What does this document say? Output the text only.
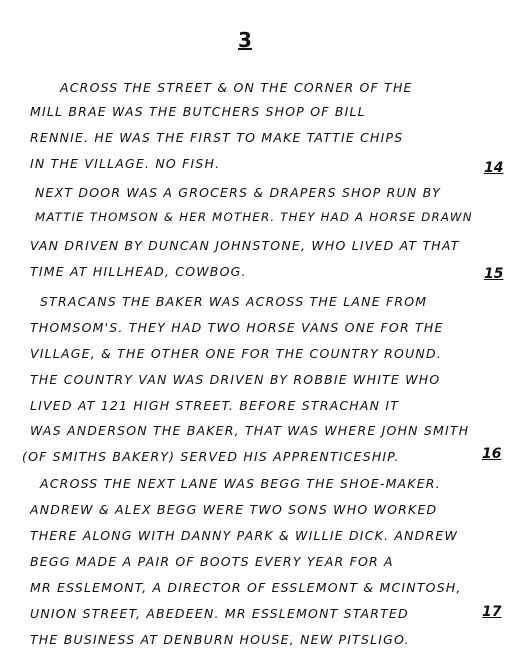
3
ACROSS THE STREET & ON THE CORNER OF THE
MILL BRAE WAS THE BUTCHERS SHOP OF BILL
RENNIE. HE WAS THE FIRST TO MAKE TATTIE CHIPS
IN THE VILLAGE. NO FISH.
NEXT DOOR WAS A GROCERS & DRAPERS SHOP RUN BY
MATTIE THOMSON & HER MOTHER. THEY HAD A HORSE DRAWN
VAN DRIVEN BY DUNCAN JOHNSTONE, WHO LIVED AT THAT
TIME AT HILLHEAD, COWBOG.
STRACANS THE BAKER WAS ACROSS THE LANE FROM
THOMSOM'S. THEY HAD TWO HORSE VANS ONE FOR THE
VILLAGE, & THE OTHER ONE FOR THE COUNTRY ROUND.
THE COUNTRY VAN WAS DRIVEN BY ROBBIE WHITE WHO
LIVED AT 121 HIGH STREET. BEFORE STRACHAN IT
WAS ANDERSON THE BAKER, THAT WAS WHERE JOHN SMITH
(OF SMITHS BAKERY) SERVED HIS APPRENTICESHIP.
ACROSS THE NEXT LANE WAS BEGG THE SHOE-MAKER.
ANDREW & ALEX BEGG WERE TWO SONS WHO WORKED
THERE ALONG WITH DANNY PARK & WILLIE DICK. ANDREW
BEGG MADE A PAIR OF BOOTS EVERY YEAR FOR A
MR ESSLEMONT, A DIRECTOR OF ESSLEMONT & MCINTOSH,
UNION STREET, ABEDEEN. MR ESSLEMONT STARTED
THE BUSINESS AT DENBURN HOUSE, NEW PITSLIGO.
14
15
16
17
